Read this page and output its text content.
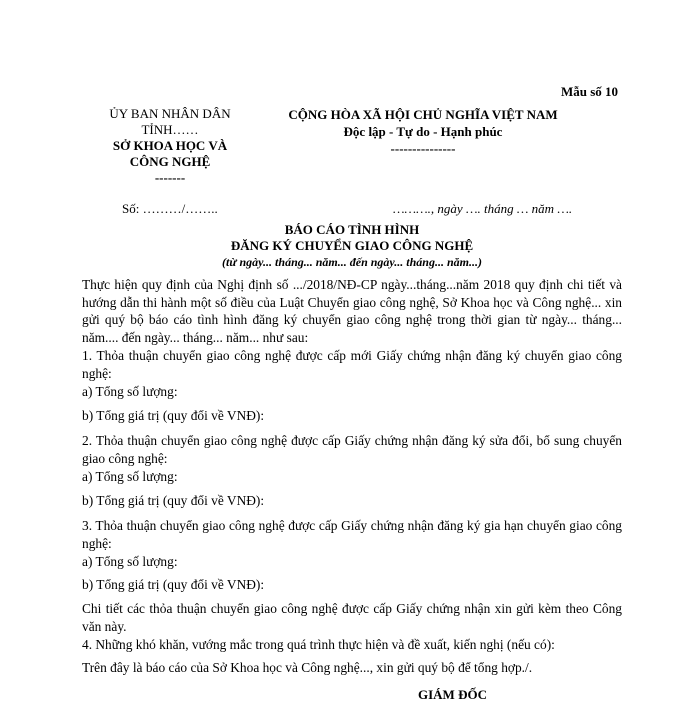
Mẫu số 10
ỦY BAN NHÂN DÂN
TỈNH……
SỞ KHOA HỌC VÀ
CÔNG NGHỆ
-------
CỘNG HÒA XÃ HỘI CHỦ NGHĨA VIỆT NAM
Độc lập - Tự do - Hạnh phúc
---------------
Số: ………/……..	………., ngày …. tháng … năm ….
BÁO CÁO TÌNH HÌNH
ĐĂNG KÝ CHUYỂN GIAO CÔNG NGHỆ
(từ ngày... tháng... năm... đến ngày... tháng... năm...)
Thực hiện quy định của Nghị định số .../2018/NĐ-CP ngày...tháng...năm 2018 quy định chi tiết và hướng dẫn thi hành một số điều của Luật Chuyển giao công nghệ, Sở Khoa học và Công nghệ... xin gửi quý bộ báo cáo tình hình đăng ký chuyển giao công nghệ trong thời gian từ ngày... tháng... năm.... đến ngày... tháng... năm... như sau:
1. Thỏa thuận chuyển giao công nghệ được cấp mới Giấy chứng nhận đăng ký chuyển giao công nghệ:
a) Tổng số lượng:
b) Tổng giá trị (quy đổi về VNĐ):
2. Thỏa thuận chuyển giao công nghệ được cấp Giấy chứng nhận đăng ký sửa đổi, bổ sung chuyển giao công nghệ:
a) Tổng số lượng:
b) Tổng giá trị (quy đổi về VNĐ):
3. Thỏa thuận chuyển giao công nghệ được cấp Giấy chứng nhận đăng ký gia hạn chuyển giao công nghệ:
a) Tổng số lượng:
b) Tổng giá trị (quy đổi về VNĐ):
Chi tiết các thỏa thuận chuyển giao công nghệ được cấp Giấy chứng nhận xin gửi kèm theo Công văn này.
4. Những khó khăn, vướng mắc trong quá trình thực hiện và đề xuất, kiến nghị (nếu có):
Trên đây là báo cáo của Sở Khoa học và Công nghệ..., xin gửi quý bộ để tổng hợp./.
GIÁM ĐỐC
